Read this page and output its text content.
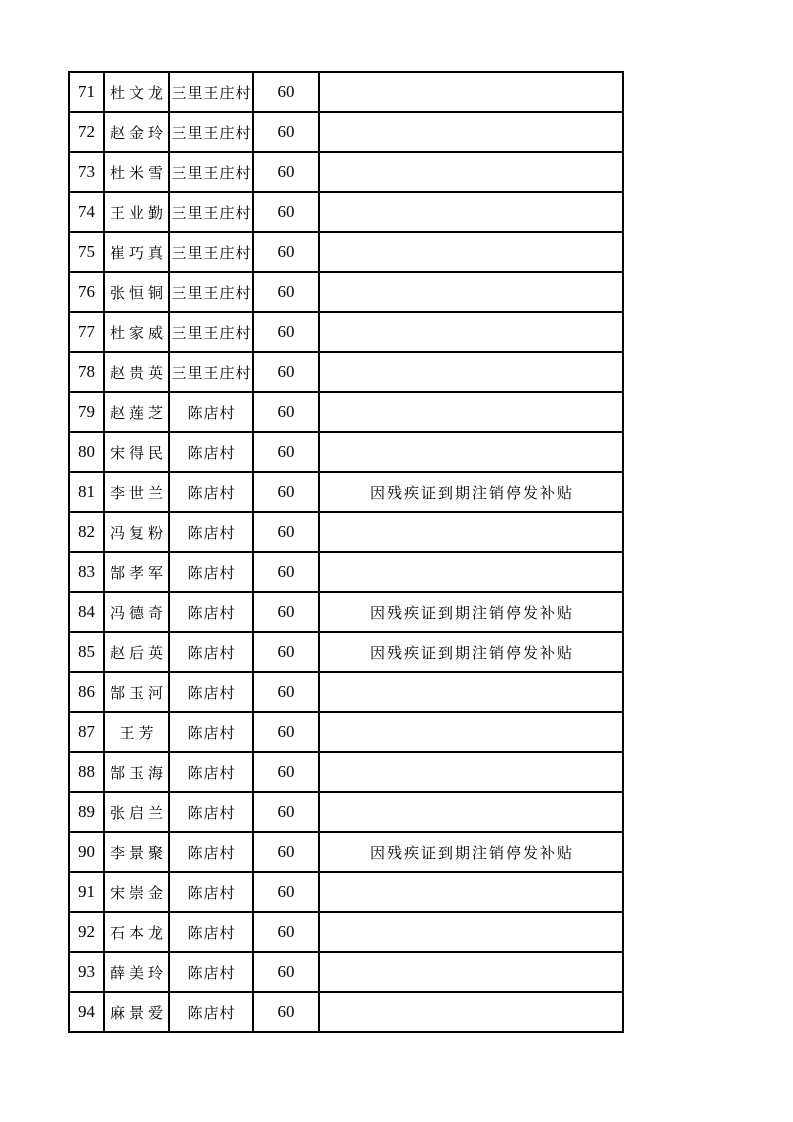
71	杜文龙	三里王庄村	60	
72	赵金玲	三里王庄村	60	
73	杜米雪	三里王庄村	60	
74	王业勤	三里王庄村	60	
75	崔巧真	三里王庄村	60	
76	张恒铜	三里王庄村	60	
77	杜家威	三里王庄村	60	
78	赵贵英	三里王庄村	60	
79	赵莲芝	陈店村	60	
80	宋得民	陈店村	60	
81	李世兰	陈店村	60	因残疾证到期注销停发补贴
82	冯复粉	陈店村	60	
83	郜孝军	陈店村	60	
84	冯德奇	陈店村	60	因残疾证到期注销停发补贴
85	赵后英	陈店村	60	因残疾证到期注销停发补贴
86	郜玉河	陈店村	60	
87	王芳	陈店村	60	
88	郜玉海	陈店村	60	
89	张启兰	陈店村	60	
90	李景聚	陈店村	60	因残疾证到期注销停发补贴
91	宋崇金	陈店村	60	
92	石本龙	陈店村	60	
93	薛美玲	陈店村	60	
94	麻景爱	陈店村	60	
